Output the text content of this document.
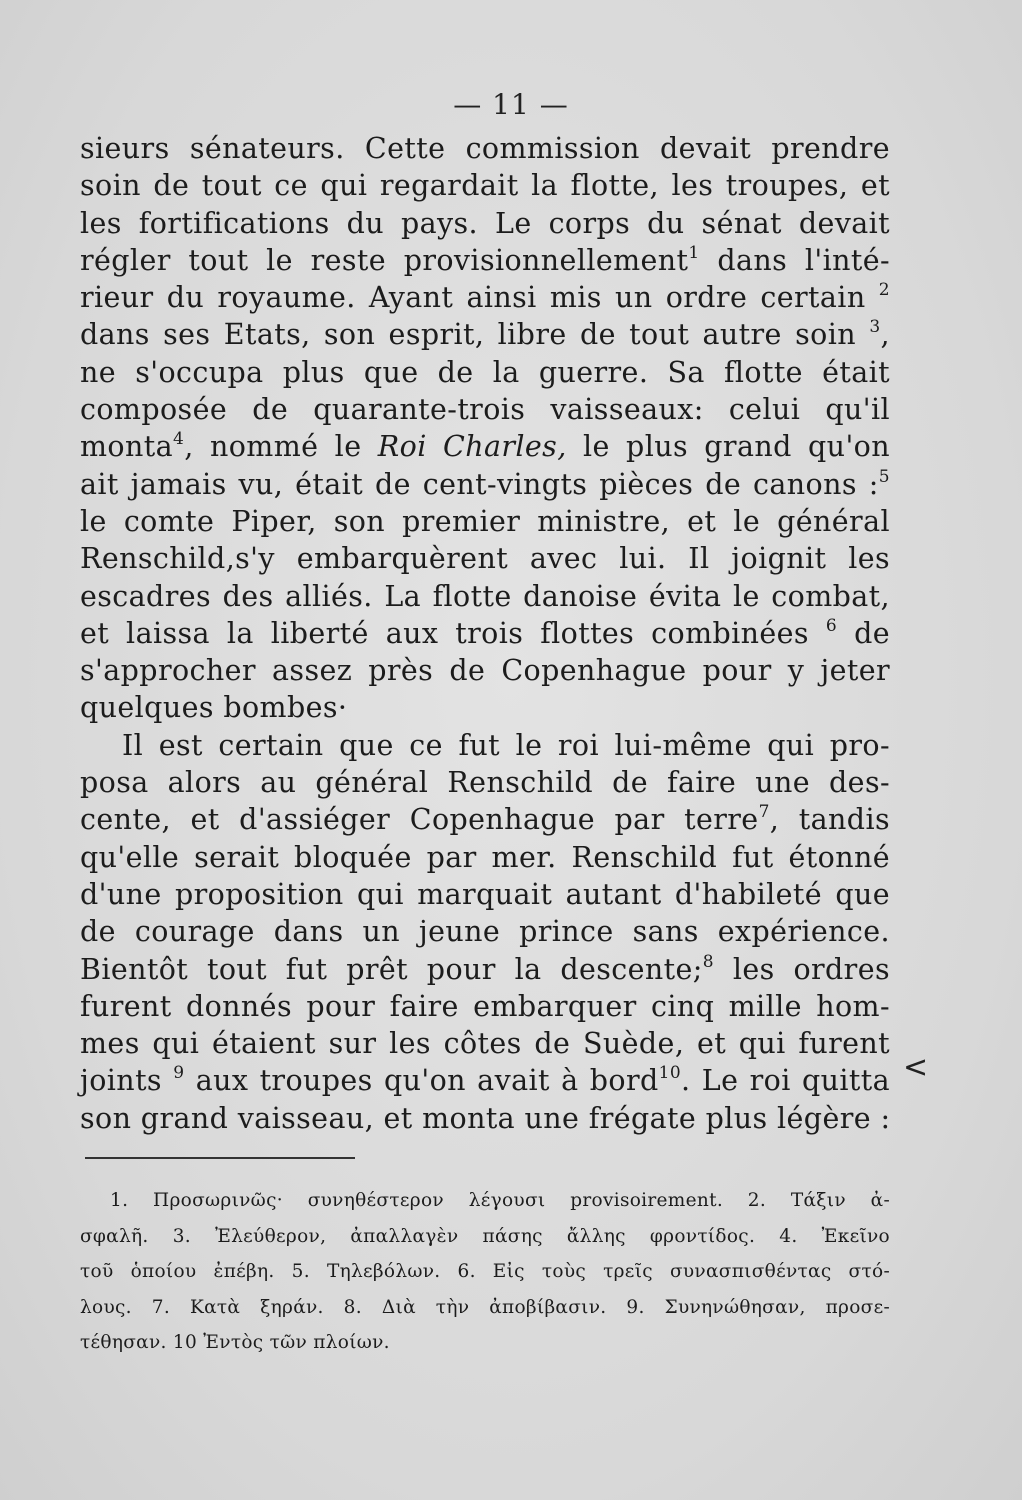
— 11 —
sieurs sénateurs. Cette commission devait prendre
soin de tout ce qui regardait la flotte, les troupes, et
les fortifications du pays. Le corps du sénat devait
régler tout le reste provisionnellement$^1$ dans l'inté-
rieur du royaume. Ayant ainsi mis un ordre certain $^2$
dans ses Etats, son esprit, libre de tout autre soin $^3$,
ne s'occupa plus que de la guerre. Sa flotte était
composée de quarante-trois vaisseaux: celui qu'il
monta$^4$, nommé le Roi Charles, le plus grand qu'on
ait jamais vu, était de cent-vingts pièces de canons :$^5$
le comte Piper, son premier ministre, et le général
Renschild,s'y embarquèrent avec lui. Il joignit les
escadres des alliés. La flotte danoise évita le combat,
et laissa la liberté aux trois flottes combinées $^6$ de
s'approcher assez près de Copenhague pour y jeter
quelques bombes·
Il est certain que ce fut le roi lui-même qui pro-
posa alors au général Renschild de faire une des-
cente, et d'assiéger Copenhague par terre$^7$, tandis
qu'elle serait bloquée par mer. Renschild fut étonné
d'une proposition qui marquait autant d'habileté que
de courage dans un jeune prince sans expérience.
Bientôt tout fut prêt pour la descente;$^8$ les ordres
furent donnés pour faire embarquer cinq mille hom-
mes qui étaient sur les côtes de Suède, et qui furent
joints $^9$ aux troupes qu'on avait à bord$^{10}$. Le roi quitta
son grand vaisseau, et monta une frégate plus légère :
<
1. Προσωρινῶς· συνηθέστερον λέγουσι provisoirement. 2. Τάξιν ἀ-
σφαλῆ. 3. Ἐλεύθερον, ἀπαλλαγὲν πάσης ἄλλης φροντίδος. 4. Ἐκεῖνο
τοῦ ὁποίου ἐπέβη. 5. Τηλεβόλων. 6. Εἰς τοὺς τρεῖς συνασπισθέντας στό-
λους. 7. Κατὰ ξηράν. 8. Διὰ τὴν ἀποβίβασιν. 9. Συνηνώθησαν, προσε-
τέθησαν. 10 Ἐντὸς τῶν πλοίων.
